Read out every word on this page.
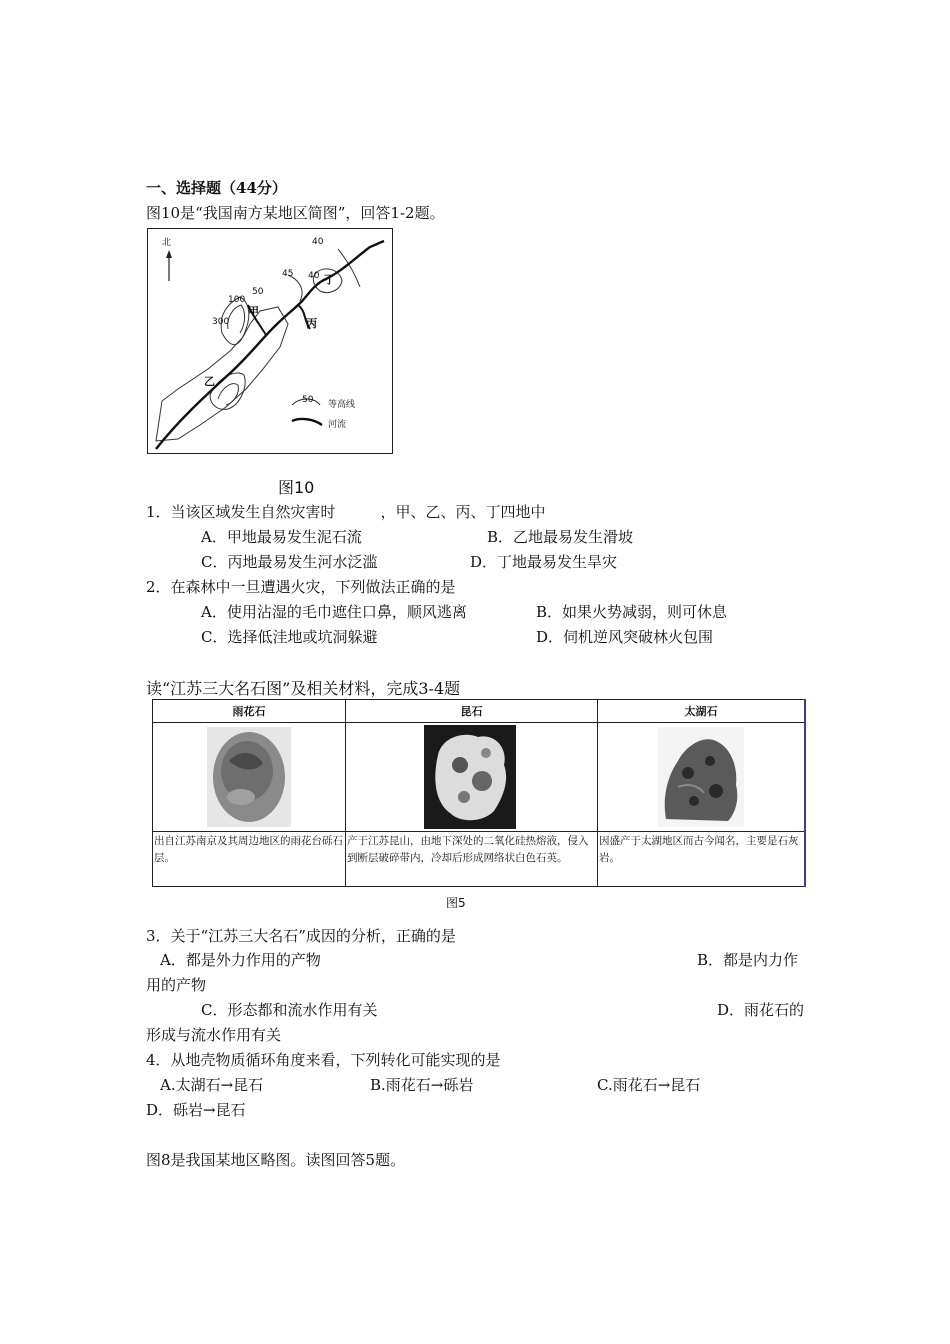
一、选择题（44分）
图10是“我国南方某地区简图”，回答1-2题。
北	40
45 40
50
100
300
甲
乙
丙
丁
50 等高线
河流
图10
1．当该区域发生自然灾害时　　　，甲、乙、丙、丁四地中
A．甲地最易发生泥石流	B．乙地最易发生滑坡
C．丙地最易发生河水泛滥	D．丁地最易发生旱灾
2．在森林中一旦遭遇火灾，下列做法正确的是
A．使用沾湿的毛巾遮住口鼻，顺风逃离	B．如果火势减弱，则可休息
C．选择低洼地或坑洞躲避	D．伺机逆风突破林火包围
读“江苏三大名石图”及相关材料，完成3-4题
雨花石	昆石	太湖石

出自江苏南京及其周边地区的雨花台砾石层。	产于江苏昆山，由地下深处的二氧化硅热熔液，侵入到断层破碎带内，冷却后形成网络状白色石英。	因盛产于太湖地区而古今闻名，主要是石灰岩。
图5
3．关于“江苏三大名石”成因的分析，正确的是
A．都是外力作用的产物	B．都是内力作
用的产物
C．形态都和流水作用有关	D．雨花石的
形成与流水作用有关
4．从地壳物质循环角度来看，下列转化可能实现的是
A.太湖石→昆石	B.雨花石→砾岩	C.雨花石→昆石
D．砾岩→昆石
图8是我国某地区略图。读图回答5题。
